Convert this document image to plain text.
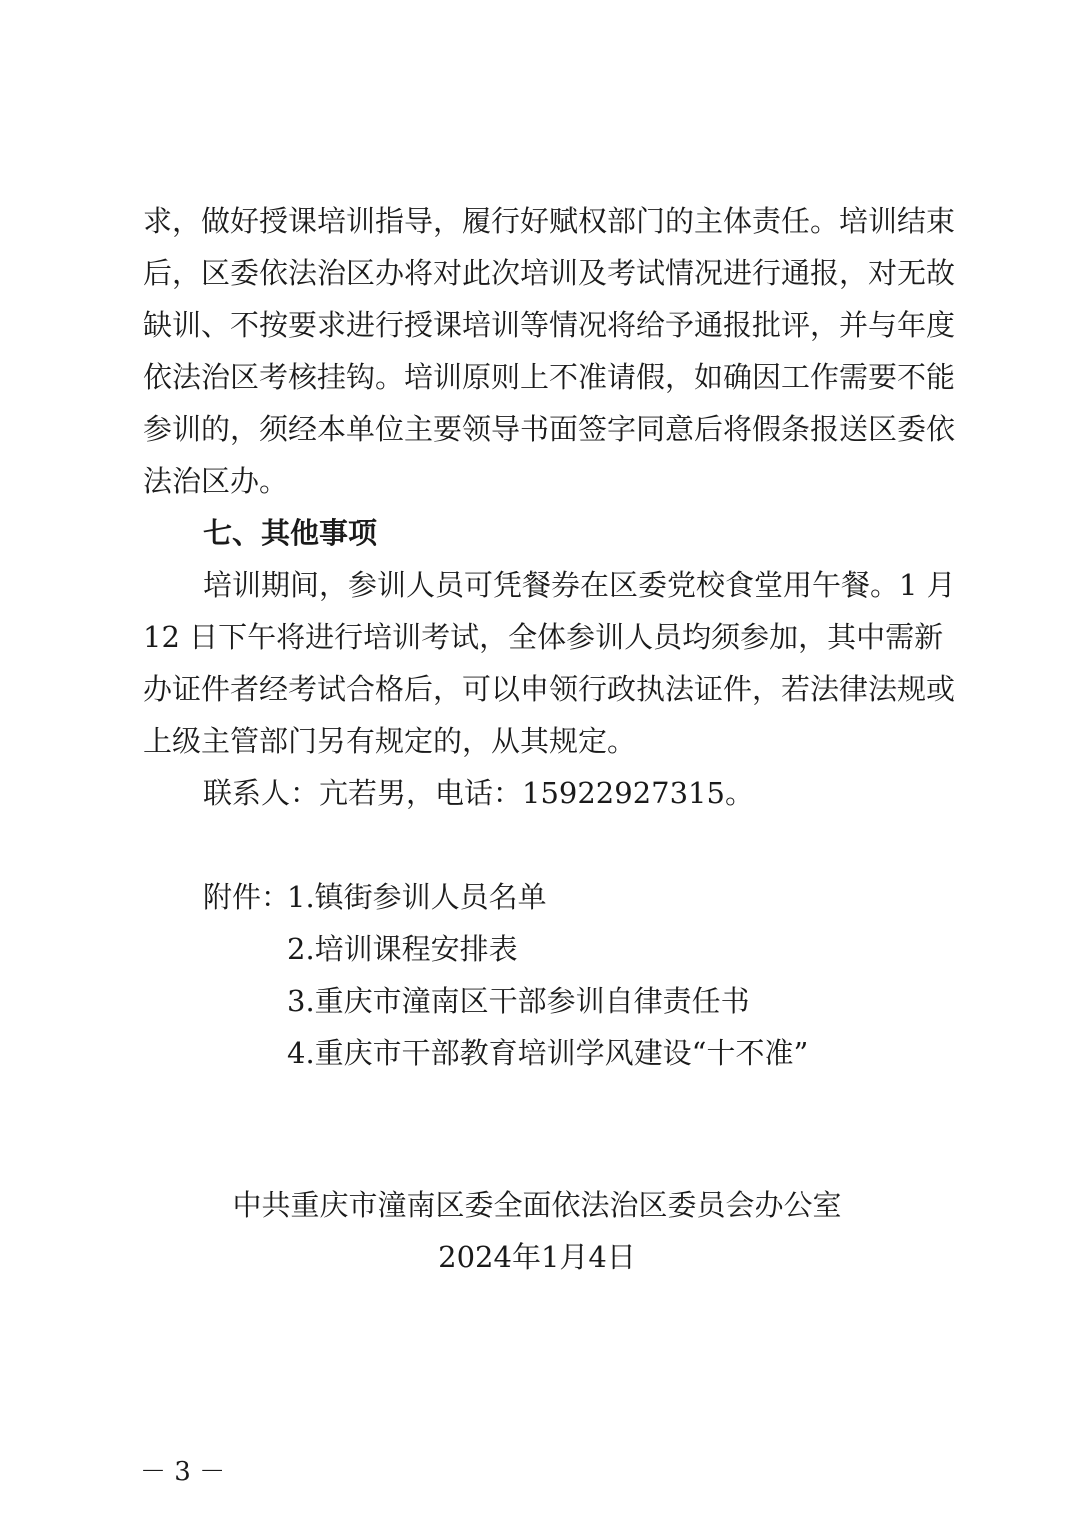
求，做好授课培训指导，履行好赋权部门的主体责任。培训结束
后，区委依法治区办将对此次培训及考试情况进行通报，对无故
缺训、不按要求进行授课培训等情况将给予通报批评，并与年度
依法治区考核挂钩。培训原则上不准请假，如确因工作需要不能
参训的，须经本单位主要领导书面签字同意后将假条报送区委依
法治区办。
七、其他事项
培训期间，参训人员可凭餐券在区委党校食堂用午餐。1 月
12 日下午将进行培训考试，全体参训人员均须参加，其中需新
办证件者经考试合格后，可以申领行政执法证件，若法律法规或
上级主管部门另有规定的，从其规定。
联系人：亢若男，电话：15922927315。
附件：
1.镇街参训人员名单
2.培训课程安排表
3.重庆市潼南区干部参训自律责任书
4.重庆市干部教育培训学风建设“十不准”
中共重庆市潼南区委全面依法治区委员会办公室
2024年1月4日
－ 3 －
